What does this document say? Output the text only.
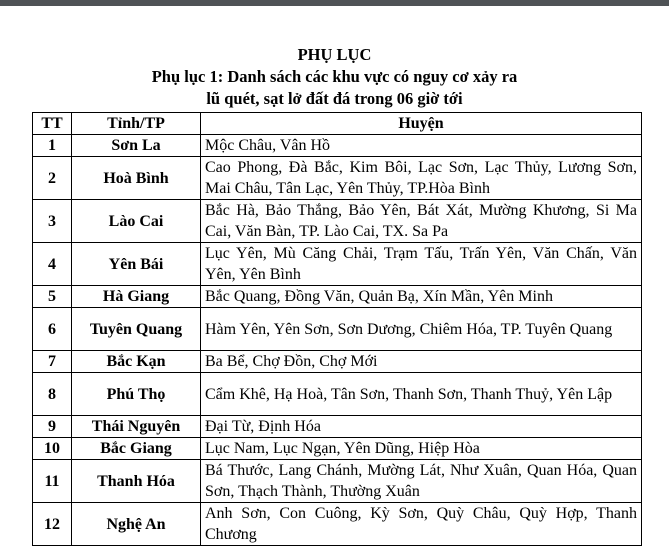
PHỤ LỤC
Phụ lục 1: Danh sách các khu vực có nguy cơ xảy ra
lũ quét, sạt lở đất đá trong 06 giờ tới
TT	Tỉnh/TP	Huyện
1	Sơn La	Mộc Châu, Vân Hồ
2	Hoà Bình	Cao Phong, Đà Bắc, Kim Bôi, Lạc Sơn, Lạc Thủy, Lương Sơn, Mai Châu, Tân Lạc, Yên Thủy, TP.Hòa Bình
3	Lào Cai	Bắc Hà, Bảo Thắng, Bảo Yên, Bát Xát, Mường Khương, Si Ma Cai, Văn Bàn, TP. Lào Cai, TX. Sa Pa
4	Yên Bái	Lục Yên, Mù Căng Chải, Trạm Tấu, Trấn Yên, Văn Chấn, Văn Yên, Yên Bình
5	Hà Giang	Bắc Quang, Đồng Văn, Quản Bạ, Xín Mần, Yên Minh
6	Tuyên Quang	Hàm Yên, Yên Sơn, Sơn Dương, Chiêm Hóa, TP. Tuyên Quang
7	Bắc Kạn	Ba Bể, Chợ Đồn, Chợ Mới
8	Phú Thọ	Cẩm Khê, Hạ Hoà, Tân Sơn, Thanh Sơn, Thanh Thuỷ, Yên Lập
9	Thái Nguyên	Đại Từ, Định Hóa
10	Bắc Giang	Lục Nam, Lục Ngạn, Yên Dũng, Hiệp Hòa
11	Thanh Hóa	Bá Thước, Lang Chánh, Mường Lát, Như Xuân, Quan Hóa, Quan Sơn, Thạch Thành, Thường Xuân
12	Nghệ An	Anh Sơn, Con Cuông, Kỳ Sơn, Quỳ Châu, Quỳ Hợp, Thanh Chương
